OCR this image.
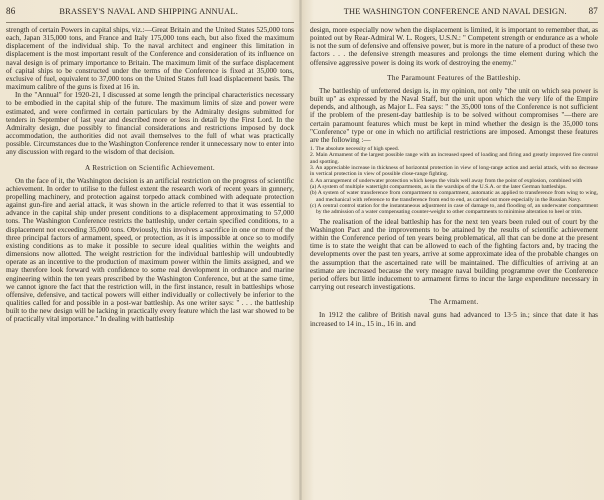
86	BRASSEY'S NAVAL AND SHIPPING ANNUAL.

strength of certain Powers in capital ships, viz.:—Great Britain and the United States 525,000 tons each, Japan 315,000 tons, and France and Italy 175,000 tons each, but also fixed the maximum displacement of the individual ship. To the naval architect and engineer this limitation in displacement is the most important result of the Conference and consideration of its influence on naval design is of primary importance to Britain. The maximum limit of the surface displacement of capital ships to be constructed under the terms of the Conference is fixed at 35,000 tons, exclusive of fuel, equivalent to 37,000 tons on the United States full load displacement basis. The maximum calibre of the guns is fixed at 16 in.

In the "Annual" for 1920-21, I discussed at some length the principal characteristics necessary to be embodied in the capital ship of the future. The maximum limits of size and power were estimated, and were confirmed in certain particulars by the Admiralty designs submitted for tenders in September of last year and described more or less in detail by the First Lord. In the Admiralty design, due possibly to financial considerations and restrictions imposed by dock accommodation, the authorities did not avail themselves to the full of what was practically possible. Circumstances due to the Washington Conference render it unnecessary now to enter into any discussion with regard to the wisdom of that decision.

A Restriction on Scientific Achievement.

On the face of it, the Washington decision is an artificial restriction on the progress of scientific achievement. In order to utilise to the fullest extent the research work of recent years in gunnery, propelling machinery, and protection against torpedo attack combined with adequate protection against gun-fire and aerial attack, it was shown in the article referred to that it was essential to advance in the capital ship under present conditions to a displacement approximating to 57,000 tons. The Washington Conference restricts the battleship, under certain specified conditions, to a displacement not exceeding 35,000 tons. Obviously, this involves a sacrifice in one or more of the three principal factors of armament, speed, or protection, as it is impossible at once so to modify existing conditions as to make it possible to secure ideal qualities within the weights and dimensions now allotted. The weight restriction for the individual battleship will undoubtedly operate as an incentive to the production of maximum power within the limits assigned, and we may therefore look forward with confidence to some real development in ordnance and marine engineering within the ten years prescribed by the Washington Conference, but at the same time, we cannot ignore the fact that the restriction will, in the first instance, result in battleships whose offensive, defensive, and tactical powers will either individually or collectively be inferior to the qualities called for and possible in a post-war battleship. As one writer says: " . . . the battleship built to the new design will be lacking in practically every feature which the last war showed to be of practically vital importance." In dealing with battleship

THE WASHINGTON CONFERENCE AND NAVAL DESIGN. 87

design, more especially now when the displacement is limited, it is important to remember that, as pointed out by Rear-Admiral W. L. Rogers, U.S.N.: " Competent strength or endurance as a whole is not the sum of defensive and offensive power, but is more in the nature of a product of these two factors . . . the defensive strength measures and prolongs the time element during which the offensive aggressive power is doing its work of destroying the enemy."

The Paramount Features of the Battleship.

The battleship of unfettered design is, in my opinion, not only "the unit on which sea power is built up" as expressed by the Naval Staff, but the unit upon which the very life of the Empire depends, and although, as Major L. Fea says: " the 35,000 tons of the Conference is not sufficient if the problem of the present-day battleship is to be solved without compromises "—there are certain paramount features which must be kept in mind whether the design is the 35,000 tons "Conference" type or one in which no artificial restrictions are imposed. Amongst these features are the following :—

1. The absolute necessity of high speed.

2. Main Armament of the largest possible range with an increased speed of loading and firing and greatly improved fire control and spotting.

3. An appreciable increase in thickness of horizontal protection in view of long-range action and aerial attack, with no decrease in vertical protection in view of possible close-range fighting.

4. An arrangement of underwater protection which keeps the vitals well away from the point of explosion, combined with

(a) A system of multiple watertight compartments, as in the warships of the U.S.A. or the later German battleships.

(b) A system of water transference from compartment to compartment, automatic as applied to transference from wing to wing, and mechanical with reference to the transference from end to end, as carried out more especially in the Russian Navy.

(c) A central control station for the instantaneous adjustment in case of damage to, and flooding of, an underwater compartment by the admission of a water compensating counter-weight to other compartments to minimise alteration to heel or trim.

The realisation of the ideal battleship has for the next ten years been ruled out of court by the Washington Pact and the improvements to be attained by the results of scientific achievement within the Conference period of ten years being problematical, all that can be done at the present time is to state the weight that can be allowed to each of the fighting factors and, by tracing the developments over the past ten years, arrive at some approximate idea of the probable changes on the assumption that the ascertained rate will be maintained. The difficulties of arriving at an estimate are increased because the very meagre naval building programme over the Conference period offers but little inducement to armament firms to incur the large expenditure necessary in carrying out research investigations.

The Armament.

In 1912 the calibre of British naval guns had advanced to 13·5 in.; since that date it has increased to 14 in., 15 in., 16 in. and
